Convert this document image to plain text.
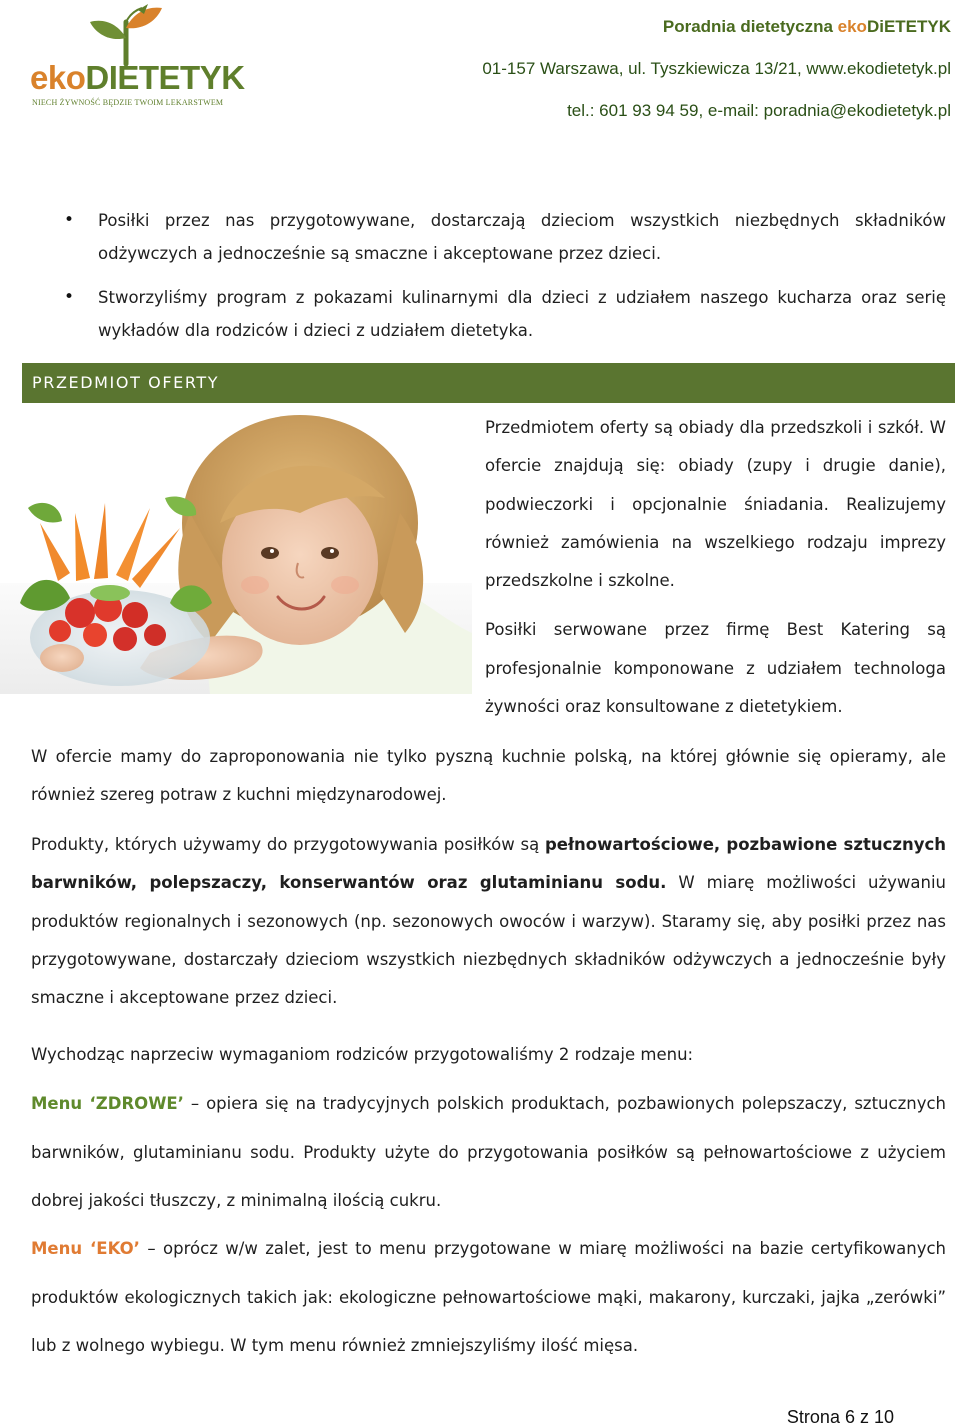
ekoDIETETYK
NIECH ŻYWNOŚĆ BĘDZIE TWOIM LEKARSTWEM
Poradnia dietetyczna ekoDiETETYK
01-157 Warszawa, ul. Tyszkiewicza 13/21, www.ekodietetyk.pl
tel.: 601 93 94 59, e-mail: poradnia@ekodietetyk.pl
• Posiłki przez nas przygotowywane, dostarczają dzieciom wszystkich niezbędnych składników odżywczych a jednocześnie są smaczne i akceptowane przez dzieci.
• Stworzyliśmy program z pokazami kulinarnymi dla dzieci z udziałem naszego kucharza oraz serię wykładów dla rodziców i dzieci z udziałem dietetyka.
PRZEDMIOT OFERTY

Przedmiotem oferty są obiady dla przedszkoli i szkół. W ofercie znajdują się: obiady (zupy i drugie danie), podwieczorki i opcjonalnie śniadania. Realizujemy również zamówienia na wszelkiego rodzaju imprezy przedszkolne i szkolne.

Posiłki serwowane przez firmę Best Katering są profesjonalnie komponowane z udziałem technologa żywności oraz konsultowane z dietetykiem.

W ofercie mamy do zaproponowania nie tylko pyszną kuchnie polską, na której głównie się opieramy, ale również szereg potraw z kuchni międzynarodowej.

Produkty, których używamy do przygotowywania posiłków są pełnowartościowe, pozbawione sztucznych barwników, polepszaczy, konserwantów oraz glutaminianu sodu. W miarę możliwości używaniu produktów regionalnych i sezonowych (np. sezonowych owoców i warzyw). Staramy się, aby posiłki przez nas przygotowywane, dostarczały dzieciom wszystkich niezbędnych składników odżywczych a jednocześnie były smaczne i akceptowane przez dzieci.

Wychodząc naprzeciw wymaganiom rodziców przygotowaliśmy 2 rodzaje menu:

Menu ‘ZDROWE’ – opiera się na tradycyjnych polskich produktach, pozbawionych polepszaczy, sztucznych barwników, glutaminianu sodu. Produkty użyte do przygotowania posiłków są pełnowartościowe z użyciem dobrej jakości tłuszczy, z minimalną ilością cukru.

Menu ‘EKO’ – oprócz w/w zalet, jest to menu przygotowane w miarę możliwości na bazie certyfikowanych produktów ekologicznych takich jak: ekologiczne pełnowartościowe mąki, makarony, kurczaki, jajka „zerówki” lub z wolnego wybiegu. W tym menu również zmniejszyliśmy ilość mięsa.

Strona 6 z 10
